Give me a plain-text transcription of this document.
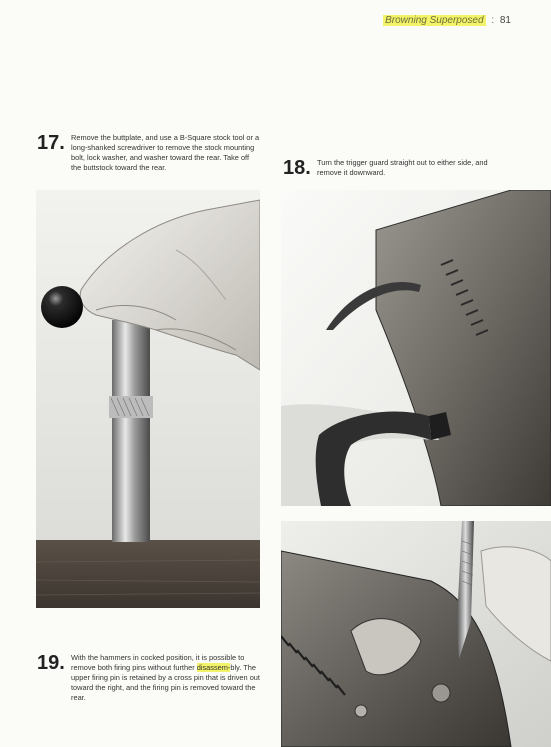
Browning Superposed : 81
17. Remove the buttplate, and use a B-Square stock tool or a long-shanked screwdriver to remove the stock mounting bolt, lock washer, and washer toward the rear. Take off the buttstock toward the rear.	18. Turn the trigger guard straight out to either side, and remove it downward.
19. With the hammers in cocked position, it is possible to remove both firing pins without further disassem-bly. The upper firing pin is retained by a cross pin that is driven out toward the right, and the firing pin is removed toward the rear.
